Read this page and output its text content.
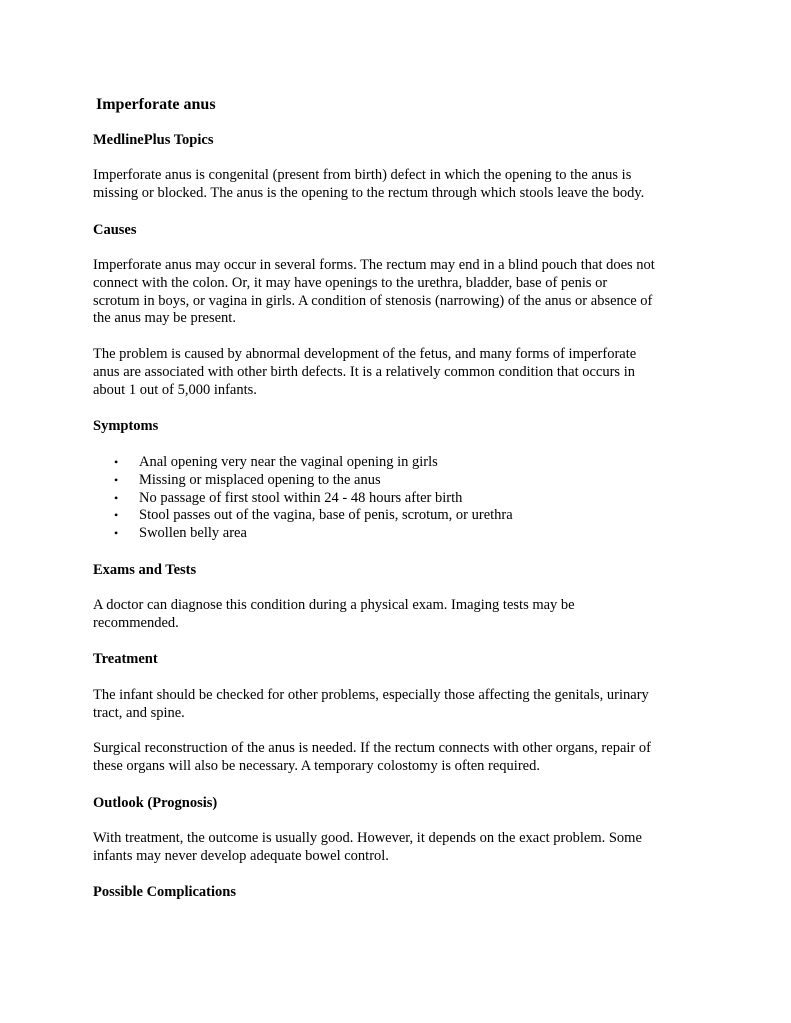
Imperforate anus
MedlinePlus Topics

Imperforate anus is congenital (present from birth) defect in which the opening to the anus is
missing or blocked. The anus is the opening to the rectum through which stools leave the body.

Causes

Imperforate anus may occur in several forms. The rectum may end in a blind pouch that does not
connect with the colon. Or, it may have openings to the urethra, bladder, base of penis or
scrotum in boys, or vagina in girls. A condition of stenosis (narrowing) of the anus or absence of
the anus may be present.

The problem is caused by abnormal development of the fetus, and many forms of imperforate
anus are associated with other birth defects. It is a relatively common condition that occurs in
about 1 out of 5,000 infants.

Symptoms
• Anal opening very near the vaginal opening in girls
• Missing or misplaced opening to the anus
• No passage of first stool within 24 - 48 hours after birth
• Stool passes out of the vagina, base of penis, scrotum, or urethra
• Swollen belly area
Exams and Tests

A doctor can diagnose this condition during a physical exam. Imaging tests may be
recommended.

Treatment

The infant should be checked for other problems, especially those affecting the genitals, urinary
tract, and spine.

Surgical reconstruction of the anus is needed. If the rectum connects with other organs, repair of
these organs will also be necessary. A temporary colostomy is often required.

Outlook (Prognosis)

With treatment, the outcome is usually good. However, it depends on the exact problem. Some
infants may never develop adequate bowel control.

Possible Complications
